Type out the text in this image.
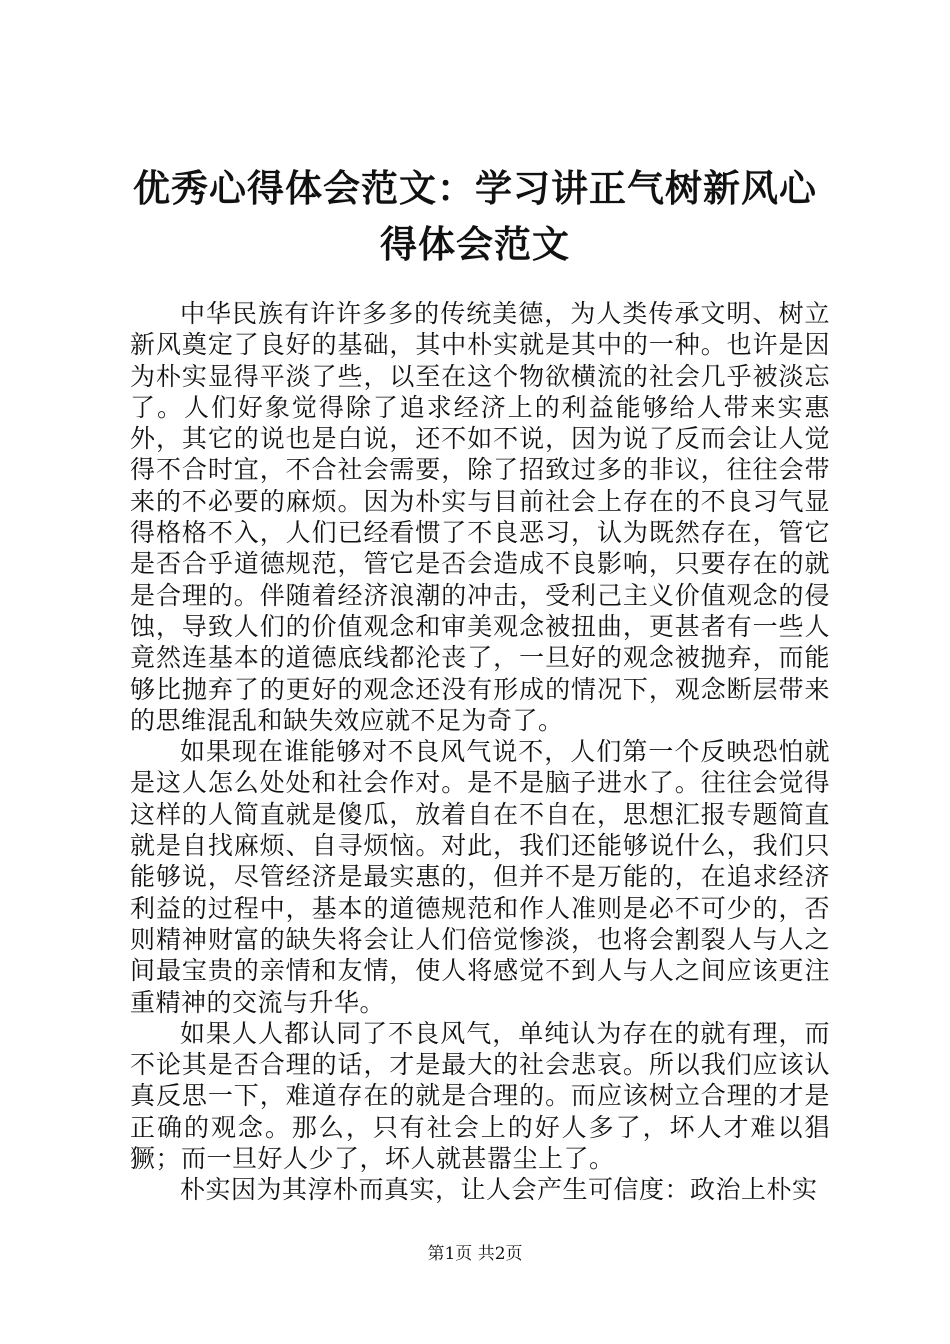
优秀心得体会范文：学习讲正气树新风心得体会范文

中华民族有许许多多的传统美德，为人类传承文明、树立新风奠定了良好的基础，其中朴实就是其中的一种。也许是因为朴实显得平淡了些，以至在这个物欲横流的社会几乎被淡忘了。人们好象觉得除了追求经济上的利益能够给人带来实惠外，其它的说也是白说，还不如不说，因为说了反而会让人觉得不合时宜，不合社会需要，除了招致过多的非议，往往会带来的不必要的麻烦。因为朴实与目前社会上存在的不良习气显得格格不入，人们已经看惯了不良恶习，认为既然存在，管它是否合乎道德规范，管它是否会造成不良影响，只要存在的就是合理的。伴随着经济浪潮的冲击，受利己主义价值观念的侵蚀，导致人们的价值观念和审美观念被扭曲，更甚者有一些人竟然连基本的道德底线都沦丧了，一旦好的观念被抛弃，而能够比抛弃了的更好的观念还没有形成的情况下，观念断层带来的思维混乱和缺失效应就不足为奇了。

如果现在谁能够对不良风气说不，人们第一个反映恐怕就是这人怎么处处和社会作对。是不是脑子进水了。往往会觉得这样的人简直就是傻瓜，放着自在不自在，思想汇报专题简直就是自找麻烦、自寻烦恼。对此，我们还能够说什么，我们只能够说，尽管经济是最实惠的，但并不是万能的，在追求经济利益的过程中，基本的道德规范和作人准则是必不可少的，否则精神财富的缺失将会让人们倍觉惨淡，也将会割裂人与人之间最宝贵的亲情和友情，使人将感觉不到人与人之间应该更注重精神的交流与升华。

如果人人都认同了不良风气，单纯认为存在的就有理，而不论其是否合理的话，才是最大的社会悲哀。所以我们应该认真反思一下，难道存在的就是合理的。而应该树立合理的才是正确的观念。那么，只有社会上的好人多了，坏人才难以猖獗；而一旦好人少了，坏人就甚嚣尘上了。

朴实因为其淳朴而真实，让人会产生可信度：政治上朴实

第1页 共2页
